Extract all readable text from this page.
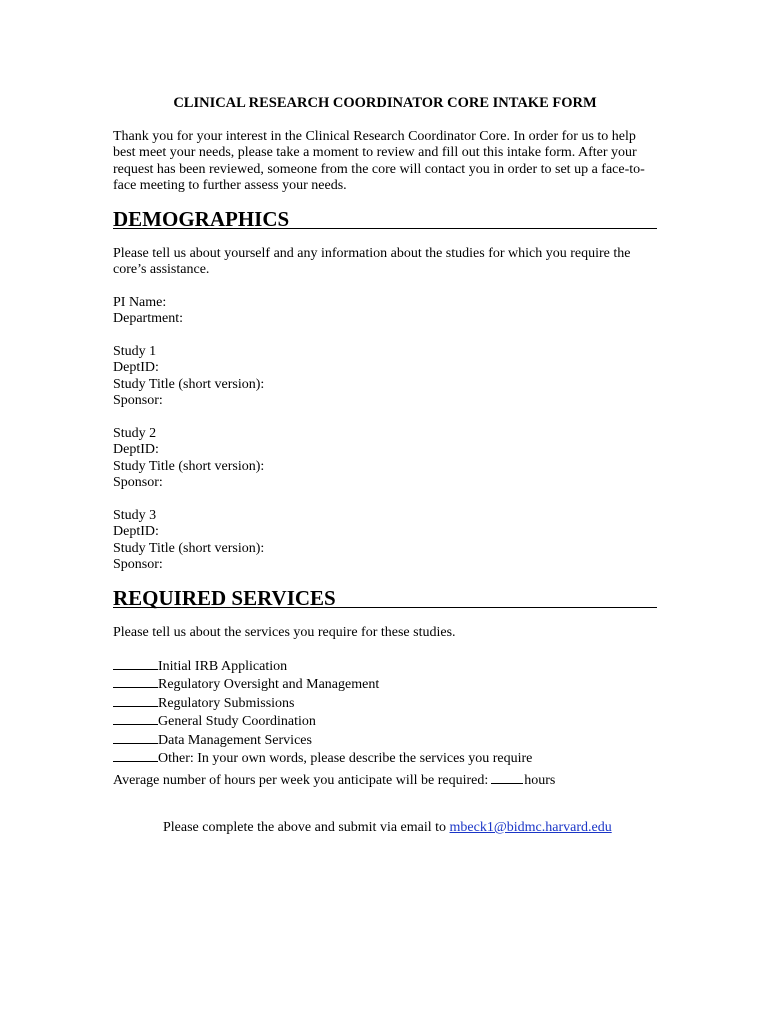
CLINICAL RESEARCH COORDINATOR CORE INTAKE FORM

Thank you for your interest in the Clinical Research Coordinator Core. In order for us to help best meet your needs, please take a moment to review and fill out this intake form. After your request has been reviewed, someone from the core will contact you in order to set up a face-to-face meeting to further assess your needs.

DEMOGRAPHICS

Please tell us about yourself and any information about the studies for which you require the core’s assistance.

PI Name:
Department:
Study 1
DeptID:
Study Title (short version):
Sponsor:
Study 2
DeptID:
Study Title (short version):
Sponsor:
Study 3
DeptID:
Study Title (short version):
Sponsor:
REQUIRED SERVICES

Please tell us about the services you require for these studies.

Initial IRB Application
Regulatory Oversight and Management
Regulatory Submissions
General Study Coordination
Data Management Services
Other: In your own words, please describe the services you require
Average number of hours per week you anticipate will be required:	hours
Please complete the above and submit via email to mbeck1@bidmc.harvard.edu
